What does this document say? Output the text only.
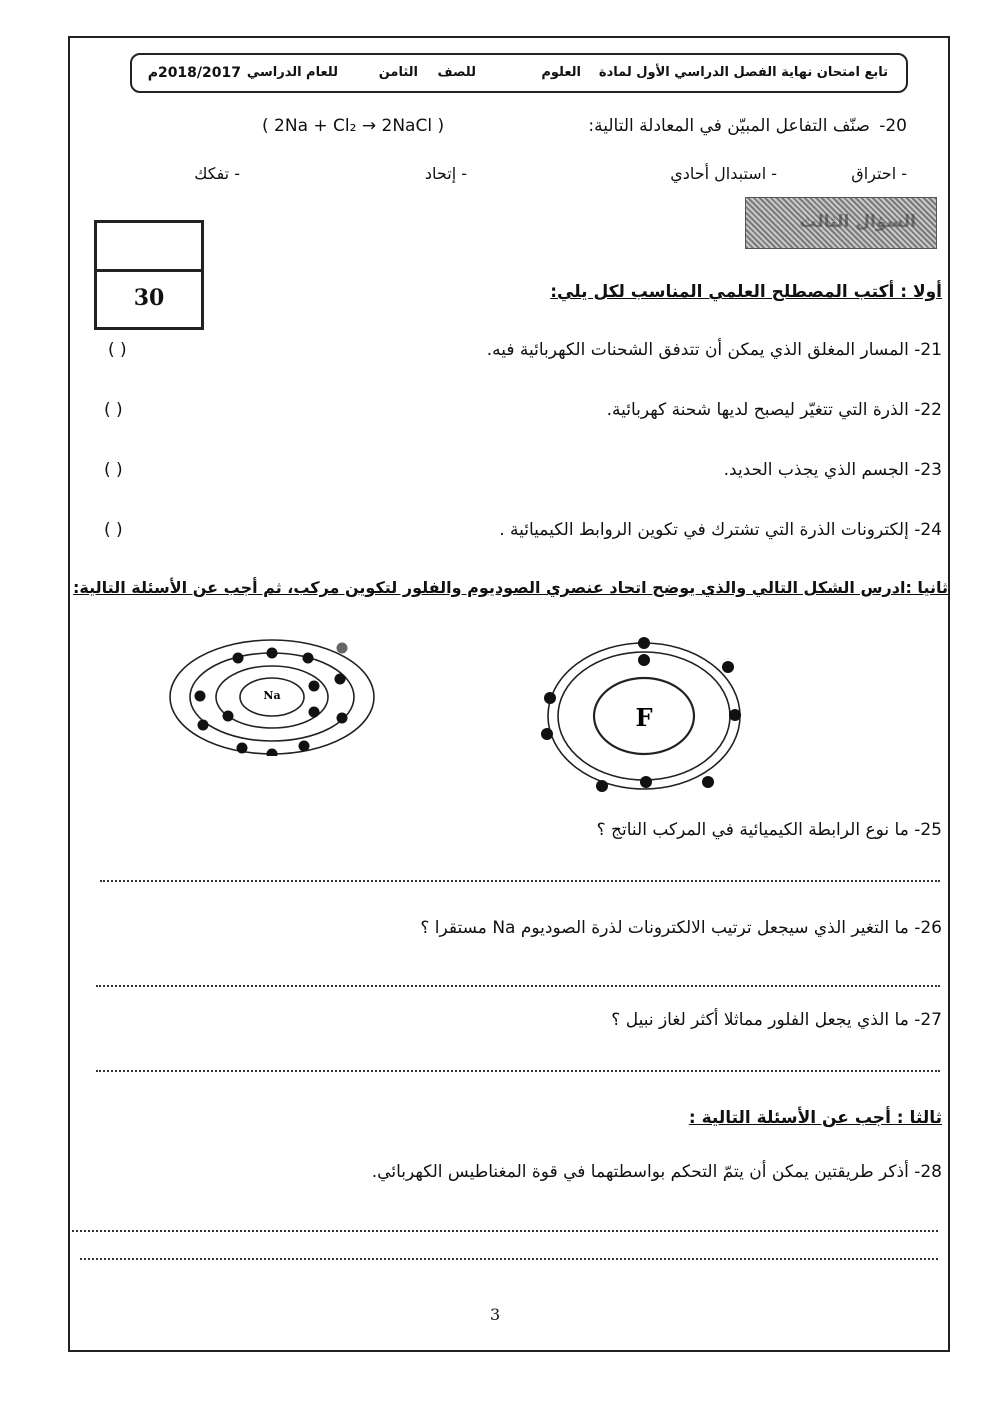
تابع امتحان نهاية الفصل الدراسي الأول لمادة
العلوم
للصف
الثامن
للعام الدراسي
2018/2017م
20-
صنّف التفاعل المبيّن في المعادلة التالية:
( 2Na + Cl₂ → 2NaCl )
- احتراق
- استبدال أحادي
- إتحاد
- تفكك
السؤال الثالث
30	أولا : أكتب المصطلح العلمي المناسب لكل يلي:
21- المسار المغلق الذي يمكن أن تتدفق الشحنات الكهربائية فيه.
( )
22- الذرة التي تتغيّر ليصبح لديها شحنة كهربائية.
( )
23- الجسم الذي يجذب الحديد.
( )
24- إلكترونات الذرة التي تشترك في تكوين الروابط الكيميائية .
( )
ثانيا :ادرس الشكل التالي والذي يوضح اتحاد عنصري الصوديوم والفلور لتكوين مركب، ثم أجب عن الأسئلة التالية:
Na
F
25- ما نوع الرابطة الكيميائية في المركب الناتج ؟
26- ما التغير الذي سيجعل ترتيب الالكترونات لذرة الصوديوم Na مستقرا ؟
27- ما الذي يجعل الفلور مماثلا أكثر لغاز نبيل ؟
ثالثا : أجب عن الأسئلة التالية :
28- أذكر طريقتين يمكن أن يتمّ التحكم بواسطتهما في قوة المغناطيس الكهربائي.
3
